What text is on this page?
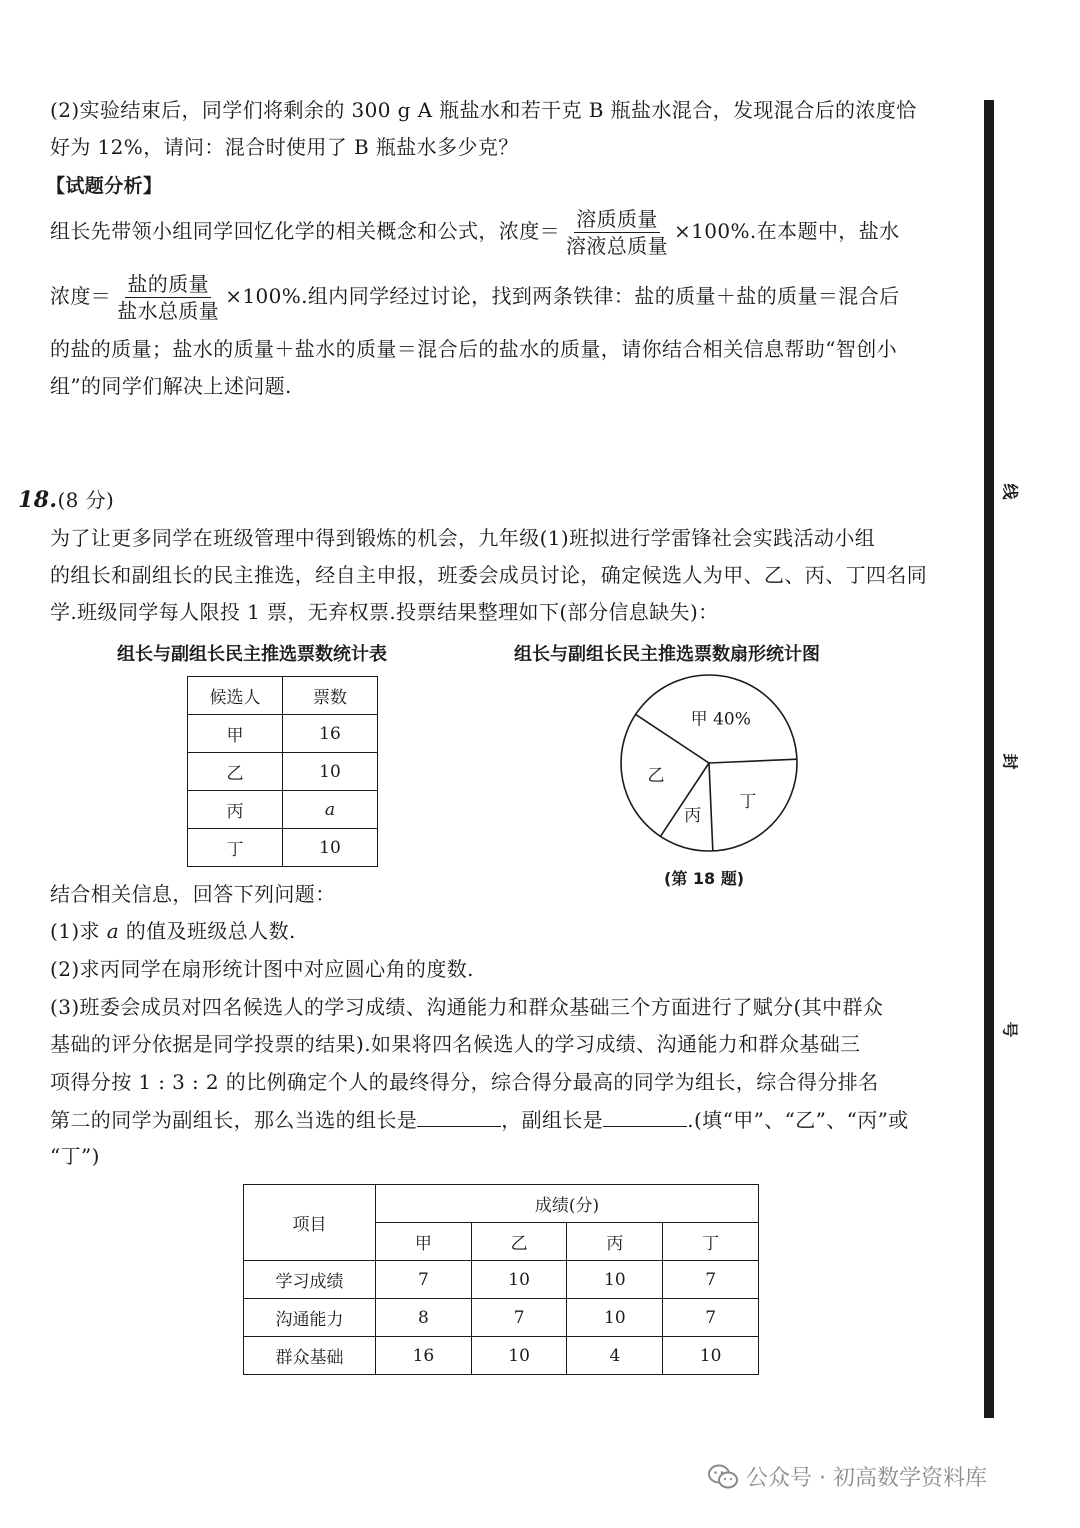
(2)实验结束后，同学们将剩余的 300 g A 瓶盐水和若干克 B 瓶盐水混合，发现混合后的浓度恰
好为 12%，请问：混合时使用了 B 瓶盐水多少克？
【试题分析】
组长先带领小组同学回忆化学的相关概念和公式，浓度＝ $\frac{\text{溶质质量}}{\text{溶液总质量}} \times 100\%$.在本题中，盐水
浓度＝ $\frac{\text{盐的质量}}{\text{盐水总质量}} \times 100\%$.组内同学经过讨论，找到两条铁律：盐的质量＋盐的质量＝混合后
的盐的质量；盐水的质量＋盐水的质量＝混合后的盐水的质量，请你结合相关信息帮助“智创小
组”的同学们解决上述问题.
18.(8 分)
为了让更多同学在班级管理中得到锻炼的机会，九年级(1)班拟进行学雷锋社会实践活动小组
的组长和副组长的民主推选，经自主申报，班委会成员讨论，确定候选人为甲、乙、丙、丁四名同
学.班级同学每人限投 1 票，无弃权票.投票结果整理如下(部分信息缺失)：
组长与副组长民主推选票数统计表	组长与副组长民主推选票数扇形统计图
候选人	票数
甲	16
乙	10
丙	a
丁	10
甲 40%
丁
丙
乙
(第 18 题)
结合相关信息，回答下列问题：
(1)求 a 的值及班级总人数.
(2)求丙同学在扇形统计图中对应圆心角的度数.
(3)班委会成员对四名候选人的学习成绩、沟通能力和群众基础三个方面进行了赋分(其中群众
基础的评分依据是同学投票的结果).如果将四名候选人的学习成绩、沟通能力和群众基础三
项得分按 1 : 3 : 2 的比例确定个人的最终得分，综合得分最高的同学为组长，综合得分排名
第二的同学为副组长，那么当选的组长是	，副组长是	.(填“甲”、“乙”、“丙”或
“丁”)
项目	成绩(分)			
	甲	乙	丙	丁
学习成绩	7	10	10	7
沟通能力	8	7	10	7
群众基础	16	10	4	10
线
封
号
公众号 · 初高数学资料库
